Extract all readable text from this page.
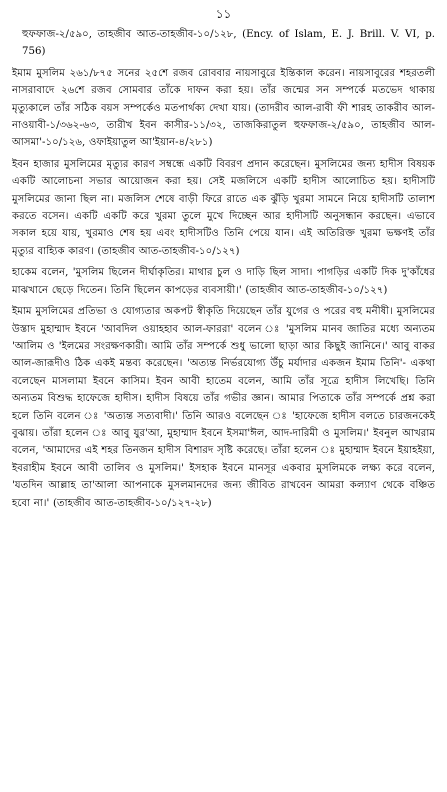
১১

হুফফাজ-২/৫৯০, তাহজীব আত-তাহজীব-১০/১২৮, (Ency. of Islam, E. J. Brill. V. VI, p. 756)

ইমাম মুসলিম ২৬১/৮৭৫ সনের ২৫শে রজব রোববার নায়সাবুরে ইন্তিকাল করেন। নায়সাবুরের শহরতলী নাসরাবাদে ২৬শে রজব সোমবার তাঁকে দাফন করা হয়। তাঁর জন্মের সন সম্পর্কে মতভেদ থাকায় মৃত্যুকালে তাঁর সঠিক বয়স সম্পর্কেও মতপার্থক্য দেখা যায়। (তাদরীব আল-রাবী ফী শারহ তাকরীব আল-নাওয়াবী-১/৩৬২-৬৩, তারীখ ইবন কাসীর-১১/৩২, তাজকিরাতুল হুফফাজ-২/৫৯০, তাহজীব আল-আসমা'-১০/১২৬, ওফাইয়াতুল আ'ইয়ান-৪/২৮১)

ইবন হাজার মুসলিমের মৃত্যুর কারণ সম্বন্ধে একটি বিবরণ প্রদান করেছেন। মুসলিমের জন্য হাদীস বিষয়ক একটি আলোচনা সভার আয়োজন করা হয়। সেই মজলিসে একটি হাদীস আলোচিত হয়। হাদীসটি মুসলিমের জানা ছিল না। মজলিস শেষে বাড়ী ফিরে রাতে এক ঝুঁড়ি খুরমা সামনে নিয়ে হাদীসটি তালাশ করতে বসেন। একটি একটি করে খুরমা তুলে মুখে দিচ্ছেন আর হাদীসটি অনুসন্ধান করছেন। এভাবে সকাল হয়ে যায়, খুরমাও শেষ হয় এবং হাদীসটিও তিনি পেয়ে যান। এই অতিরিক্ত খুরমা ভক্ষণই তাঁর মৃত্যুর বাহ্যিক কারণ। (তাহজীব আত-তাহজীব-১০/১২৭)

হাকেম বলেন, 'মুসলিম ছিলেন দীর্ঘাকৃতির। মাথার চুল ও দাড়ি ছিল সাদা। পাগড়ির একটি দিক দু'কাঁধের মাঝখানে ছেড়ে দিতেন। তিনি ছিলেন কাপড়ের ব্যবসায়ী।' (তাহজীব আত-তাহজীব-১০/১২৭)

ইমাম মুসলিমের প্রতিভা ও যোগ্যতার অকপট স্বীকৃতি দিয়েছেন তাঁর যুগের ও পরের বহু মনীষী। মুসলিমের উস্তাদ মুহাম্মাদ ইবনে 'আবদিল ওয়াহহাব আল-ফাররা' বলেন ঃ 'মুসলিম মানব জাতির মধ্যে অন্যতম 'আলিম ও 'ইলমের সংরক্ষণকারী। আমি তাঁর সম্পর্কে শুধু ভালো ছাড়া আর কিছুই জানিনে।' আবু বাকর আল-জারূদীও ঠিক একই মন্তব্য করেছেন। 'অত্যন্ত নির্ভরযোগ্য উঁচু মর্যাদার একজন ইমাম তিনি'- একথা বলেছেন মাসলামা ইবনে কাসিম। ইবন আবী হাতেম বলেন, আমি তাঁর সূত্রে হাদীস লিখেছি। তিনি অন্যতম বিশুদ্ধ হাফেজে হাদীস। হাদীস বিষয়ে তাঁর গভীর জ্ঞান। আমার পিতাকে তাঁর সম্পর্কে প্রশ্ন করা হলে তিনি বলেন ঃ 'অত্যন্ত সত্যবাদী।' তিনি আরও বলেছেন ঃ 'হাফেজে হাদীস বলতে চারজনকেই বুঝায়। তাঁরা হলেন ঃ আবু যুর'আ, মুহাম্মাদ ইবনে ইসমা'ঈল, আদ-দারিমী ও মুসলিম।' ইবনুল আখরাম বলেন, 'আমাদের এই শহর তিনজন হাদীস বিশারদ সৃষ্টি করেছে। তাঁরা হলেন ঃ মুহাম্মাদ ইবনে ইয়াহইয়া, ইবরাহীম ইবনে আবী তালিব ও মুসলিম।' ইসহাক ইবনে মানসূর একবার মুসলিমকে লক্ষ্য করে বলেন, 'যতদিন আল্লাহ তা'আলা আপনাকে মুসলমানদের জন্য জীবিত রাখবেন আমরা কল্যাণ থেকে বঞ্চিত হবো না।' (তাহজীব আত-তাহজীব-১০/১২৭-২৮)
